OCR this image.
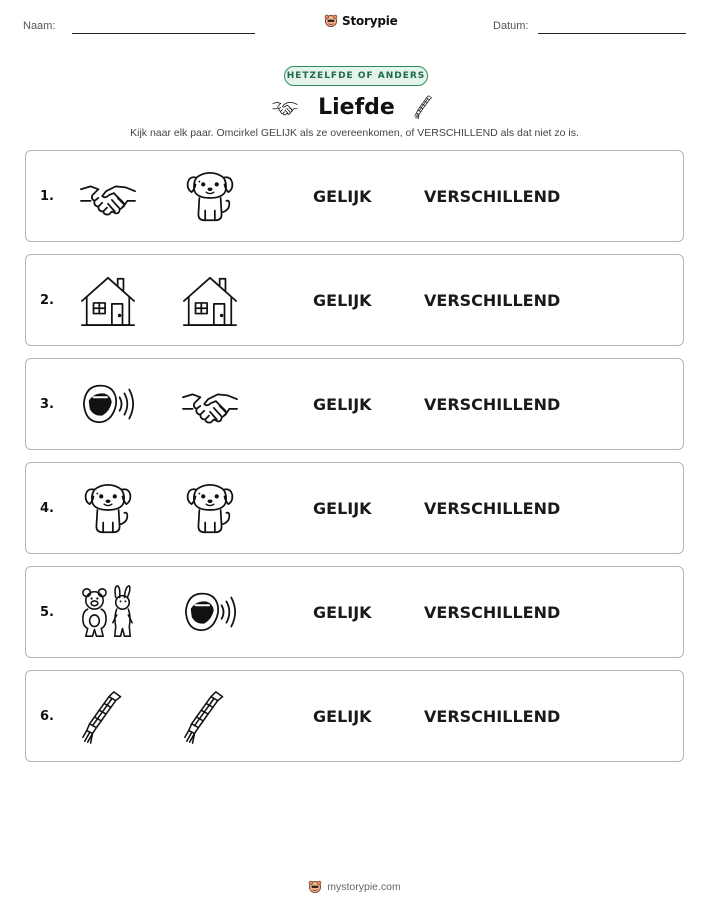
Naam:	Storypie	Datum:
HETZELFDE OF ANDERS
Liefde
Kijk naar elk paar. Omcirkel GELIJK als ze overeenkomen, of VERSCHILLEND als dat niet zo is.
1.	GELIJK	VERSCHILLEND
2.	GELIJK	VERSCHILLEND
3.	GELIJK	VERSCHILLEND
4.	GELIJK	VERSCHILLEND
5.	GELIJK	VERSCHILLEND
6.	GELIJK	VERSCHILLEND
mystorypie.com
